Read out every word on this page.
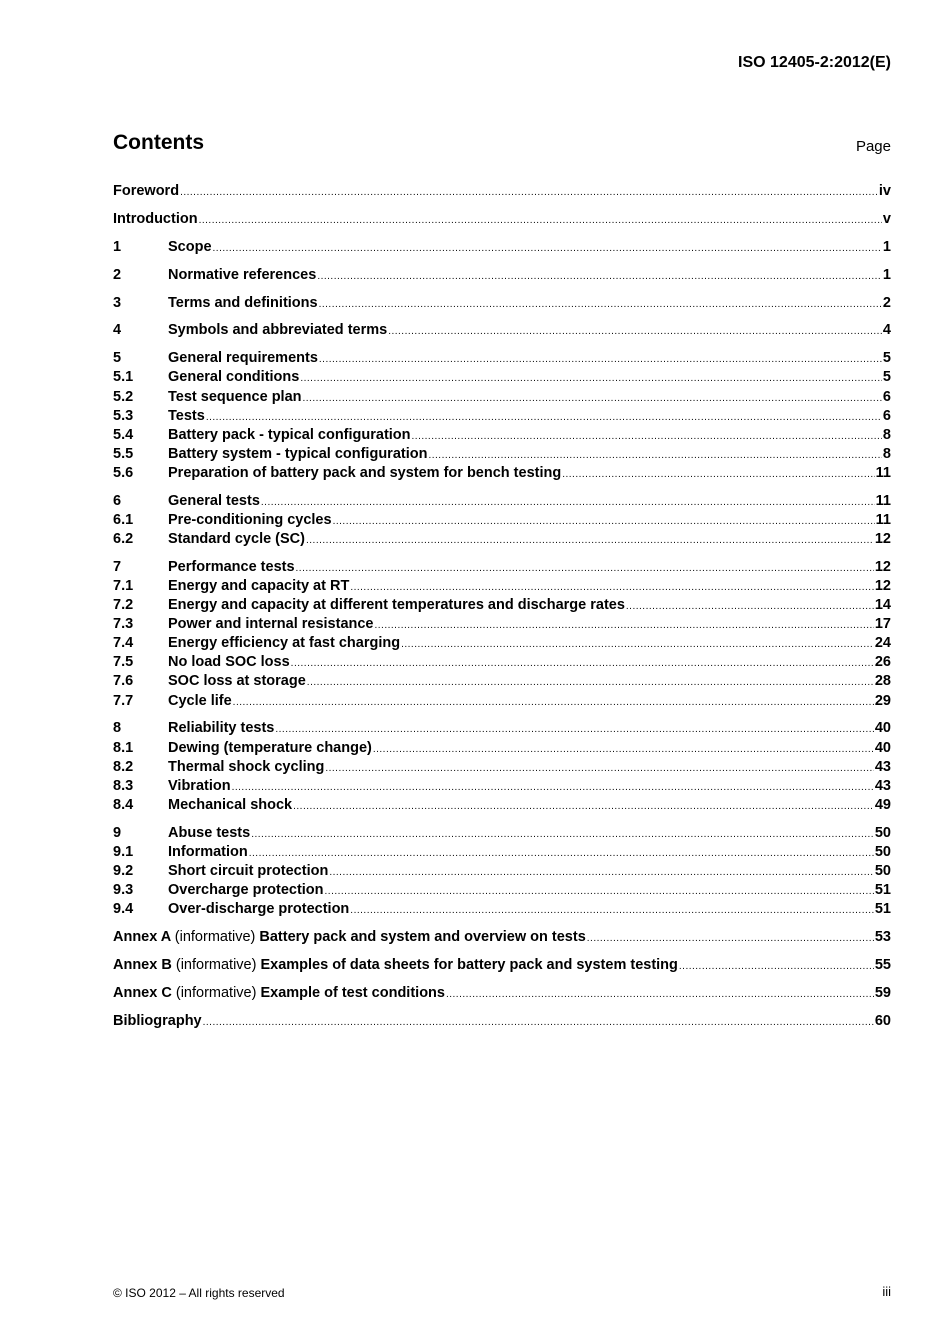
ISO 12405-2:2012(E)
Contents	Page
Foreword .....	iv
Introduction .....	v
1	Scope .....	1
2	Normative references .....	1
3	Terms and definitions .....	2
4	Symbols and abbreviated terms .....	4
5	General requirements .....	5
5.1	General conditions .....	5
5.2	Test sequence plan .....	6
5.3	Tests .....	6
5.4	Battery pack - typical configuration .....	8
5.5	Battery system - typical configuration .....	8
5.6	Preparation of battery pack and system for bench testing .....	11
6	General tests .....	11
6.1	Pre-conditioning cycles .....	11
6.2	Standard cycle (SC) .....	12
7	Performance tests .....	12
7.1	Energy and capacity at RT .....	12
7.2	Energy and capacity at different temperatures and discharge rates .....	14
7.3	Power and internal resistance .....	17
7.4	Energy efficiency at fast charging .....	24
7.5	No load SOC loss .....	26
7.6	SOC loss at storage .....	28
7.7	Cycle life .....	29
8	Reliability tests .....	40
8.1	Dewing (temperature change) .....	40
8.2	Thermal shock cycling .....	43
8.3	Vibration .....	43
8.4	Mechanical shock .....	49
9	Abuse tests .....	50
9.1	Information .....	50
9.2	Short circuit protection .....	50
9.3	Overcharge protection .....	51
9.4	Over-discharge protection .....	51
Annex A (informative) Battery pack and system and overview on tests .....	53
Annex B (informative) Examples of data sheets for battery pack and system testing .....	55
Annex C (informative) Example of test conditions .....	59
Bibliography .....	60
© ISO 2012 – All rights reserved	iii
